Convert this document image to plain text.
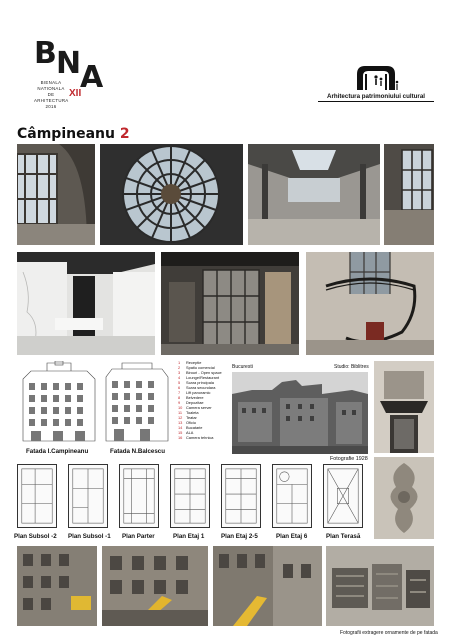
B N
A
BIENALA
NATIONALA
DE
ARHITECTURA
2016
XII	Arhitectura patrimoniului cultural
Câmpineanu 2
Fatada I.Campineanu	Fatada N.Balcescu
1	Receptie
2	Spatiu comercial
3	Birouri - Open space
4	Lounge/Restaurant
5	Scara principala
6	Scara secundara
7	Lift panoramic
8	Belvedere
9	Depozitae
10 Camera server
11	Toaleta
12 Teatar
13 Oficiu
14 Bucatarie
15 ALA
16 Camera tehnica
Bucuresti	Studio: Biblitres
Fotografie 1928
Plan Subsol -2 Plan Subsol -1 Plan Parter	Plan Etaj 1	Plan Etaj 2-5	Plan Etaj 6	Plan Terasă
Fotografii extragere ornamente de pe fatada
